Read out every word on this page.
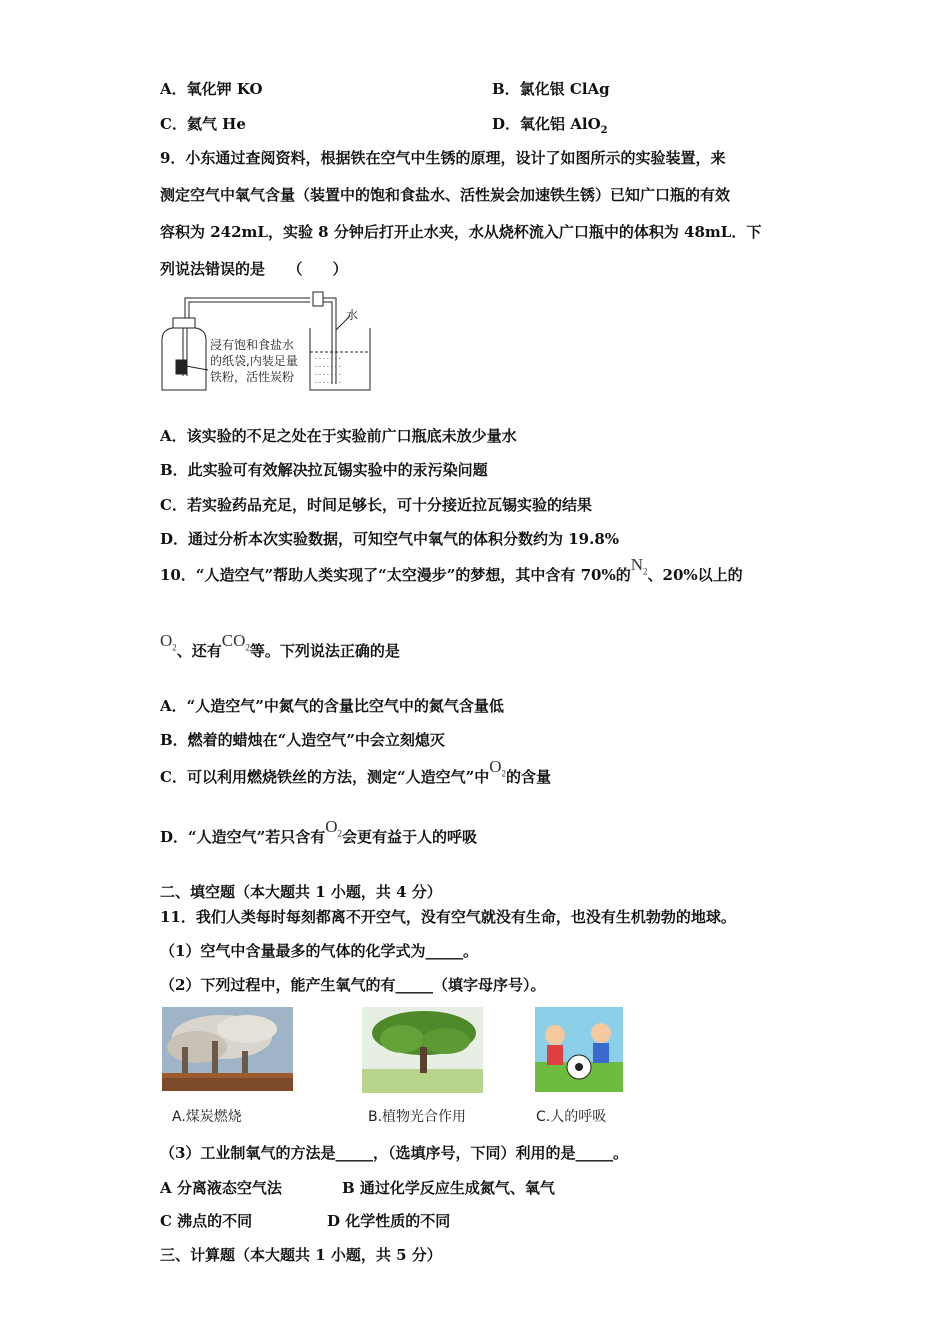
A．氧化钾 KO	B．氯化银 ClAg
C．氦气 He	D．氧化铝 AlO$_2$
9．小东通过查阅资料，根据铁在空气中生锈的原理，设计了如图所示的实验装置，来
测定空气中氧气含量（装置中的饱和食盐水、活性炭会加速铁生锈）已知广口瓶的有效
容积为 242mL，实验 8 分钟后打开止水夹，水从烧杯流入广口瓶中的体积为 48mL．下
列说法错误的是　　（　　）
- - - - - - -
- - - - - - -
- - - - - - -
- - - - - - -
水
浸有饱和食盐水
的纸袋,内装足量
铁粉，活性炭粉
A．该实验的不足之处在于实验前广口瓶底未放少量水
B．此实验可有效解决拉瓦锡实验中的汞污染问题
C．若实验药品充足，时间足够长，可十分接近拉瓦锡实验的结果
D．通过分析本次实验数据，可知空气中氧气的体积分数约为 19.8%
10．“人造空气”帮助人类实现了“太空漫步”的梦想，其中含有 70%的$N_2$、20%以上的
$O_2$、还有$CO_2$等。下列说法正确的是
A．“人造空气”中氮气的含量比空气中的氮气含量低
B．燃着的蜡烛在“人造空气”中会立刻熄灭
C．可以利用燃烧铁丝的方法，测定“人造空气”中$O_2$的含量
D．“人造空气”若只含有$O_2$会更有益于人的呼吸
二、填空题（本大题共 1 小题，共 4 分）
11．我们人类每时每刻都离不开空气，没有空气就没有生命，也没有生机勃勃的地球。
（1）空气中含量最多的气体的化学式为_____。
（2）下列过程中，能产生氧气的有_____（填字母序号）。
A.煤炭燃烧	B.植物光合作用	C.人的呼吸
（3）工业制氧气的方法是_____，（选填序号，下同）利用的是_____。
A 分离液态空气法	B 通过化学反应生成氮气、氧气
C 沸点的不同	D 化学性质的不同
三、计算题（本大题共 1 小题，共 5 分）
